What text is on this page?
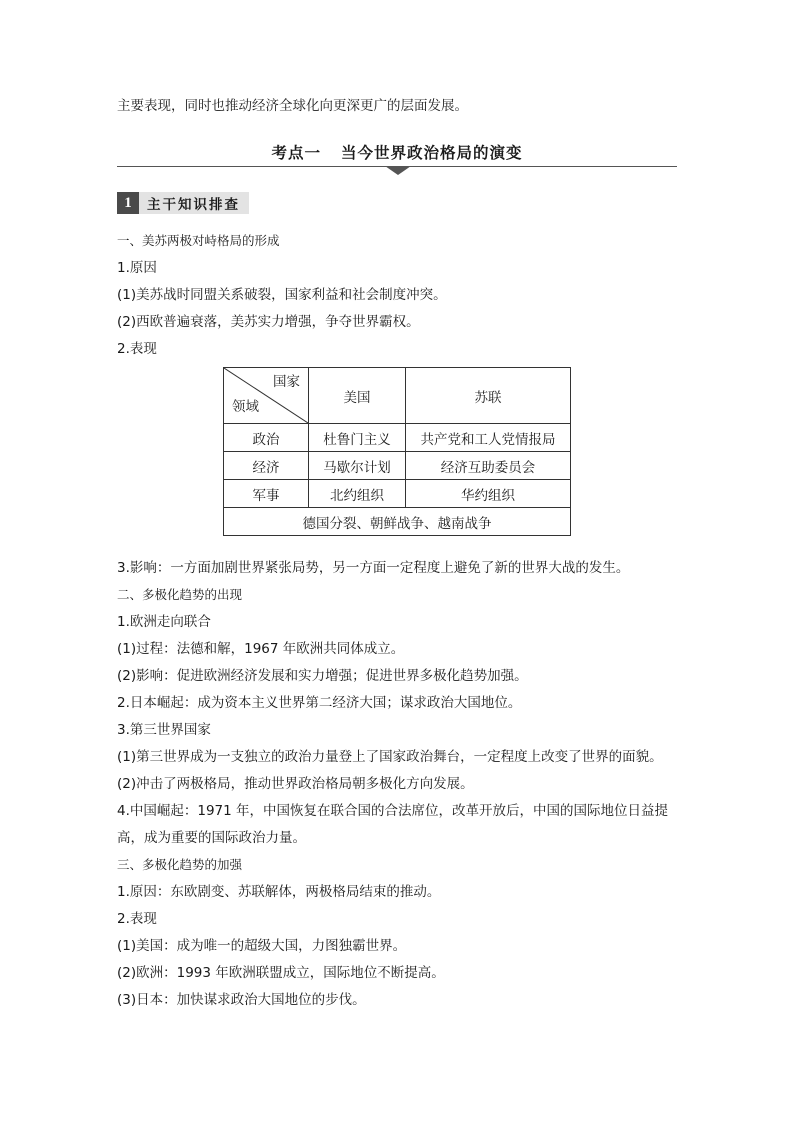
主要表现，同时也推动经济全球化向更深更广的层面发展。
考点一 当今世界政治格局的演变
1	主干知识排查
一、美苏两极对峙格局的形成
1.原因
(1)美苏战时同盟关系破裂，国家利益和社会制度冲突。
(2)西欧普遍衰落，美苏实力增强，争夺世界霸权。
2.表现
国家
领域	美国	苏联
政治	杜鲁门主义	共产党和工人党情报局
经济	马歇尔计划	经济互助委员会
军事	北约组织	华约组织
德国分裂、朝鲜战争、越南战争		
3.影响：一方面加剧世界紧张局势，另一方面一定程度上避免了新的世界大战的发生。
二、多极化趋势的出现
1.欧洲走向联合
(1)过程：法德和解，1967 年欧洲共同体成立。
(2)影响：促进欧洲经济发展和实力增强；促进世界多极化趋势加强。
2.日本崛起：成为资本主义世界第二经济大国；谋求政治大国地位。
3.第三世界国家
(1)第三世界成为一支独立的政治力量登上了国家政治舞台，一定程度上改变了世界的面貌。
(2)冲击了两极格局，推动世界政治格局朝多极化方向发展。
4.中国崛起：1971 年，中国恢复在联合国的合法席位，改革开放后，中国的国际地位日益提
高，成为重要的国际政治力量。
三、多极化趋势的加强
1.原因：东欧剧变、苏联解体，两极格局结束的推动。
2.表现
(1)美国：成为唯一的超级大国，力图独霸世界。
(2)欧洲：1993 年欧洲联盟成立，国际地位不断提高。
(3)日本：加快谋求政治大国地位的步伐。
